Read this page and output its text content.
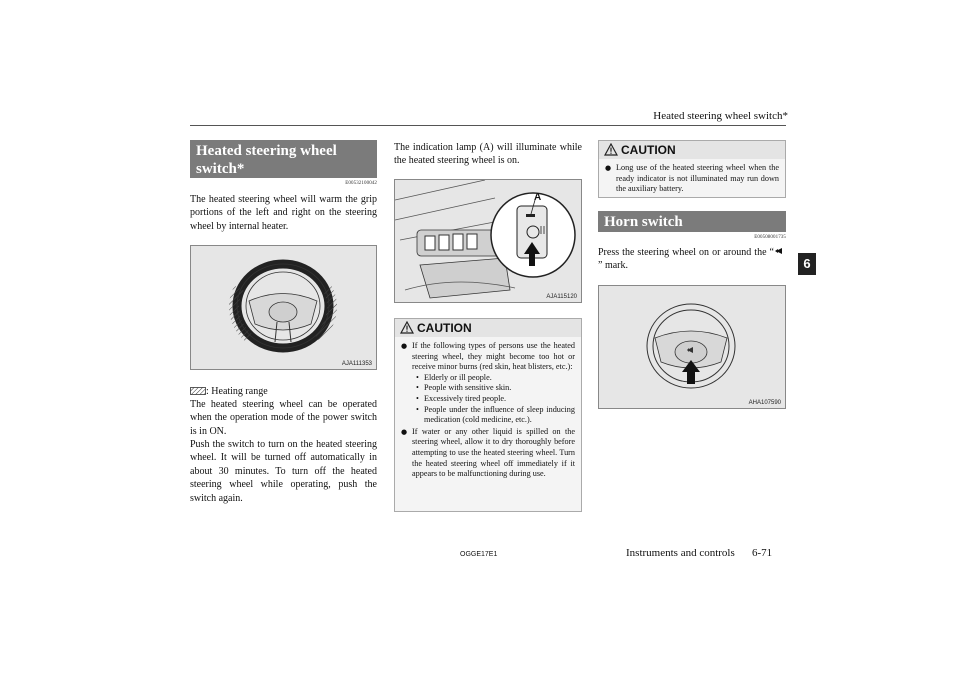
Heated steering wheel switch*
6
Heated steering wheel switch*
E00532100042
The heated steering wheel will warm the grip portions of the left and right on the steering wheel by internal heater.
AJA111353
: Heating range
The heated steering wheel can be operated when the operation mode of the power switch is in ON.
Push the switch to turn on the heated steering wheel. It will be turned off automatically in about 30 minutes. To turn off the heated steering wheel while operating, push the switch again.
The indication lamp (A) will illuminate while the heated steering wheel is on.
A
AJA115120
CAUTION
● If the following types of persons use the heated steering wheel, they might become too hot or receive minor burns (red skin, heat blisters, etc.):
• Elderly or ill people.
• People with sensitive skin.
• Excessively tired people.
• People under the influence of sleep inducing medication (cold medicine, etc.).
● If water or any other liquid is spilled on the steering wheel, allow it to dry thoroughly before attempting to use the heated steering wheel. Turn the heated steering wheel off immediately if it appears to be malfunctioning during use.
CAUTION
● Long use of the heated steering wheel when the ready indicator is not illuminated may run down the auxiliary battery.
Horn switch
E00508001735
Press the steering wheel on or around the “” mark.
AHA107590
OGGE17E1	Instruments and controls 6-71
